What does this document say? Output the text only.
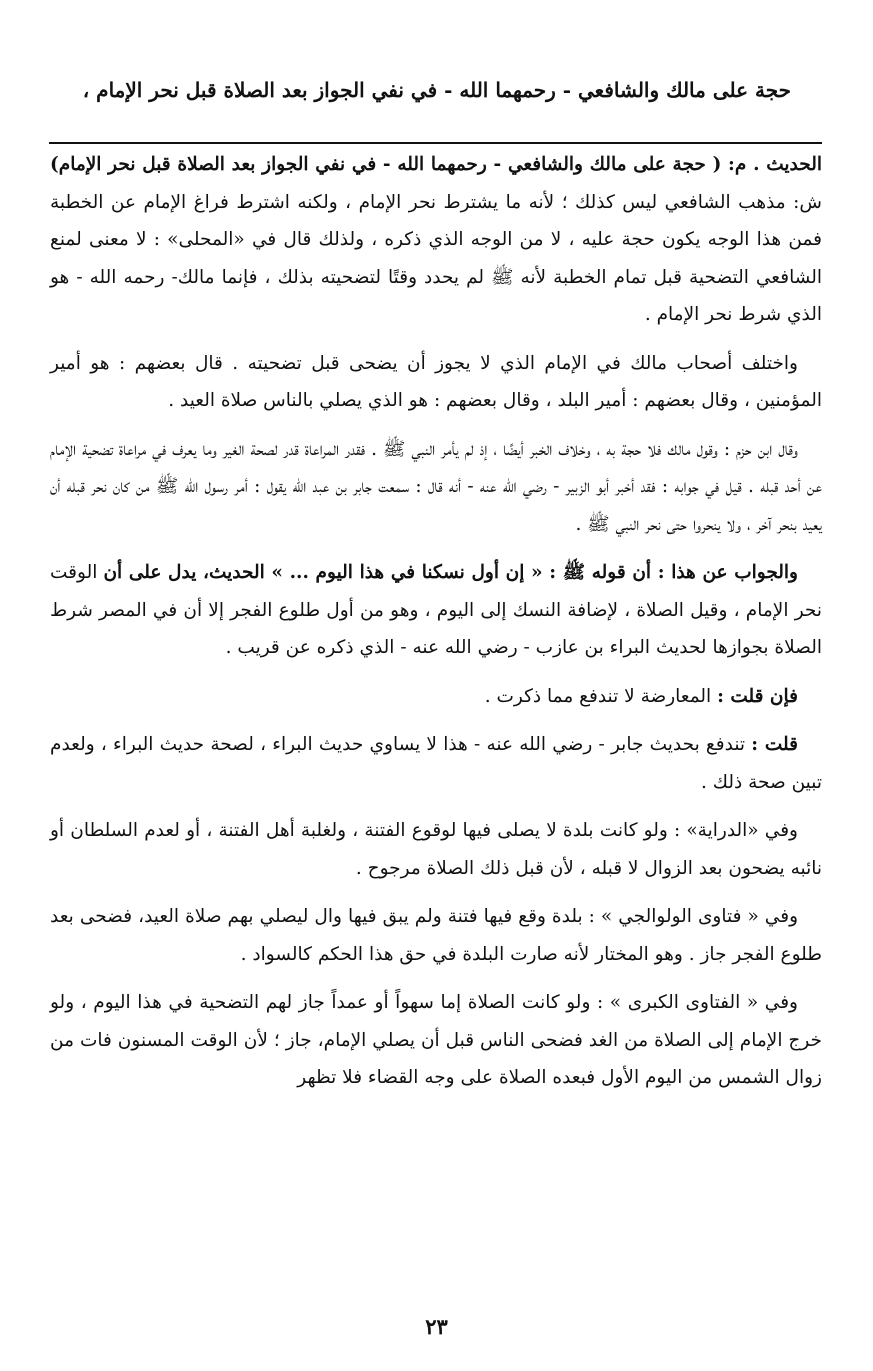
حجة على مالك والشافعي - رحمهما الله - في نفي الجواز بعد الصلاة قبل نحر الإمام ،

الحديث . م: ( حجة على مالك والشافعي - رحمهما الله - في نفي الجواز بعد الصلاة قبل نحر الإمام) ش: مذهب الشافعي ليس كذلك ؛ لأنه ما يشترط نحر الإمام ، ولكنه اشترط فراغ الإمام عن الخطبة فمن هذا الوجه يكون حجة عليه ، لا من الوجه الذي ذكره ، ولذلك قال في «المحلى» : لا معنى لمنع الشافعي التضحية قبل تمام الخطبة لأنه ﷺ لم يحدد وقتًا لتضحيته بذلك ، فإنما مالك- رحمه الله - هو الذي شرط نحر الإمام .

واختلف أصحاب مالك في الإمام الذي لا يجوز أن يضحى قبل تضحيته . قال بعضهم : هو أمير المؤمنين ، وقال بعضهم : أمير البلد ، وقال بعضهم : هو الذي يصلي بالناس صلاة العيد .

وقال ابن حزم : وقول مالك فلا حجة به ، وخلاف الخبر أيضًا ، إذ لم يأمر النبي ﷺ . فقدر المراعاة قدر لصحة الغير وما يعرف في مراعاة تضحية الإمام عن أحد قبله . قيل في جوابه : فقد أخبر أبو الزبير - رضي الله عنه - أنه قال : سمعت جابر بن عبد الله يقول : أمر رسول الله ﷺ من كان نحر قبله أن يعيد بنحر آخر ، ولا ينحروا حتى نحر النبي ﷺ .

والجواب عن هذا : أن قوله ﷺ : « إن أول نسكنا في هذا اليوم ... » الحديث، يدل على أن الوقت نحر الإمام ، وقيل الصلاة ، لإضافة النسك إلى اليوم ، وهو من أول طلوع الفجر إلا أن في المصر شرط الصلاة بجوازها لحديث البراء بن عازب - رضي الله عنه - الذي ذكره عن قريب .

فإن قلت : المعارضة لا تندفع مما ذكرت .

قلت : تندفع بحديث جابر - رضي الله عنه - هذا لا يساوي حديث البراء ، لصحة حديث البراء ، ولعدم تبين صحة ذلك .

وفي «الدراية» : ولو كانت بلدة لا يصلى فيها لوقوع الفتنة ، ولغلبة أهل الفتنة ، أو لعدم السلطان أو نائبه يضحون بعد الزوال لا قبله ، لأن قبل ذلك الصلاة مرجوح .

وفي « فتاوى الولوالجي » : بلدة وقع فيها فتنة ولم يبق فيها وال ليصلي بهم صلاة العيد، فضحى بعد طلوع الفجر جاز . وهو المختار لأنه صارت البلدة في حق هذا الحكم كالسواد .

وفي « الفتاوى الكبرى » : ولو كانت الصلاة إما سهواً أو عمداً جاز لهم التضحية في هذا اليوم ، ولو خرج الإمام إلى الصلاة من الغد فضحى الناس قبل أن يصلي الإمام، جاز ؛ لأن الوقت المسنون فات من زوال الشمس من اليوم الأول فبعده الصلاة على وجه القضاء فلا تظهر

٢٣
